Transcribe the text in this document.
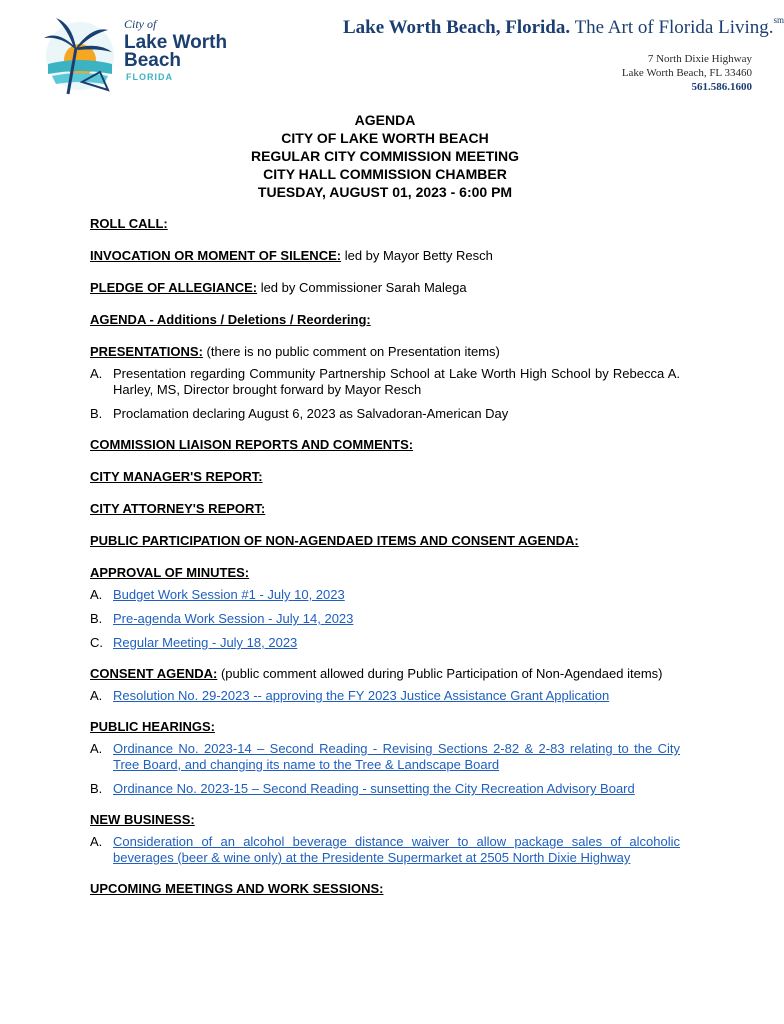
City of
Lake Worth
Beach
FLORIDA
Lake Worth Beach, Florida. The Art of Florida Living.$^{sm}$
7 North Dixie Highway
Lake Worth Beach, FL 33460
561.586.1600
AGENDA
CITY OF LAKE WORTH BEACH
REGULAR CITY COMMISSION MEETING
CITY HALL COMMISSION CHAMBER
TUESDAY, AUGUST 01, 2023 - 6:00 PM
ROLL CALL:
INVOCATION OR MOMENT OF SILENCE: led by Mayor Betty Resch
PLEDGE OF ALLEGIANCE: led by Commissioner Sarah Malega
AGENDA - Additions / Deletions / Reordering:
PRESENTATIONS: (there is no public comment on Presentation items)
A. Presentation regarding Community Partnership School at Lake Worth High School by Rebecca A. Harley, MS, Director brought forward by Mayor Resch
B. Proclamation declaring August 6, 2023 as Salvadoran-American Day
COMMISSION LIAISON REPORTS AND COMMENTS:
CITY MANAGER'S REPORT:
CITY ATTORNEY'S REPORT:
PUBLIC PARTICIPATION OF NON-AGENDAED ITEMS AND CONSENT AGENDA:
APPROVAL OF MINUTES:
A. Budget Work Session #1 - July 10, 2023
B. Pre-agenda Work Session - July 14, 2023
C. Regular Meeting - July 18, 2023
CONSENT AGENDA: (public comment allowed during Public Participation of Non-Agendaed items)
A. Resolution No. 29-2023 -- approving the FY 2023 Justice Assistance Grant Application
PUBLIC HEARINGS:
A. Ordinance No. 2023-14 – Second Reading - Revising Sections 2-82 & 2-83 relating to the City Tree Board, and changing its name to the Tree & Landscape Board
B. Ordinance No. 2023-15 – Second Reading - sunsetting the City Recreation Advisory Board
NEW BUSINESS:
A. Consideration of an alcohol beverage distance waiver to allow package sales of alcoholic beverages (beer & wine only) at the Presidente Supermarket at 2505 North Dixie Highway
UPCOMING MEETINGS AND WORK SESSIONS:
